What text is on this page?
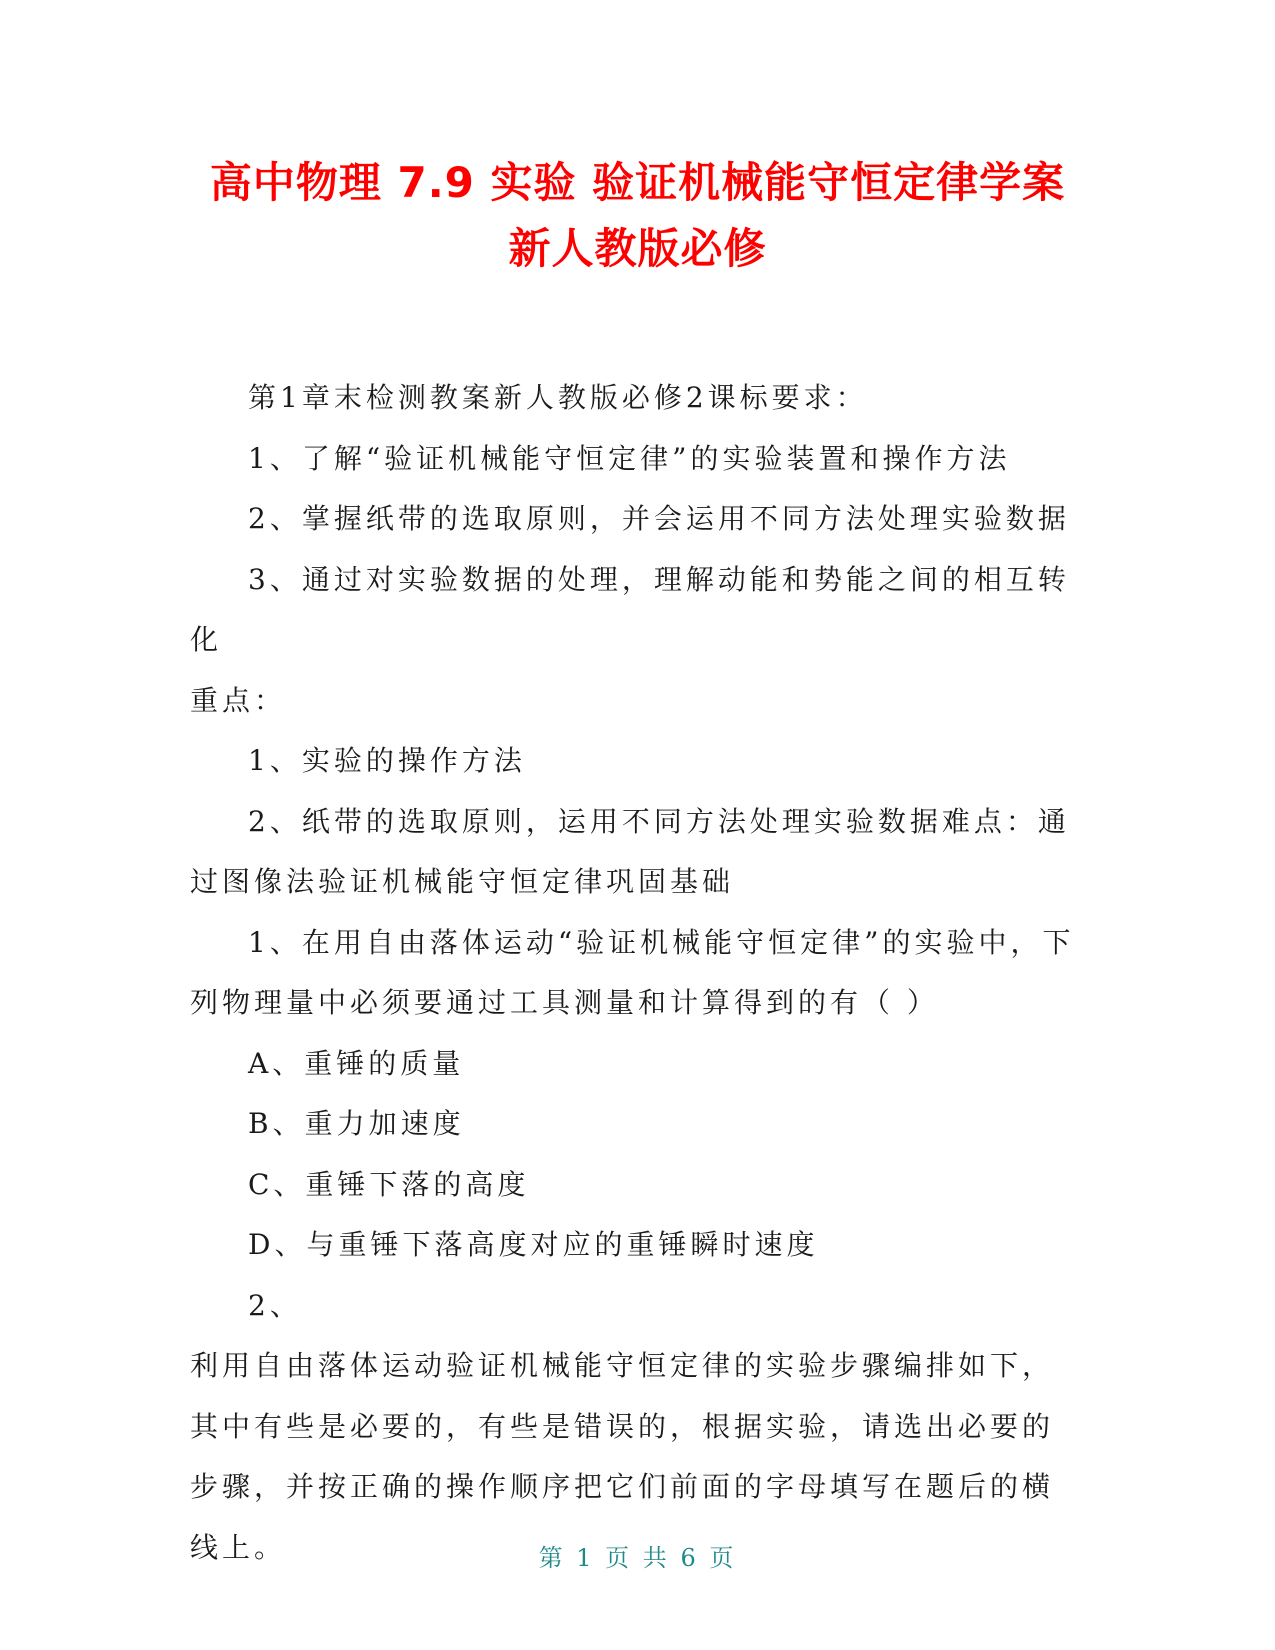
高中物理 7.9 实验 验证机械能守恒定律学案
新人教版必修

第1章末检测教案新人教版必修2课标要求：

1、了解“验证机械能守恒定律”的实验装置和操作方法

2、掌握纸带的选取原则，并会运用不同方法处理实验数据

3、通过对实验数据的处理，理解动能和势能之间的相互转化

重点：

1、实验的操作方法

2、纸带的选取原则，运用不同方法处理实验数据难点：通过图像法验证机械能守恒定律巩固基础

1、在用自由落体运动“验证机械能守恒定律”的实验中，下列物理量中必须要通过工具测量和计算得到的有（ ）

A、重锤的质量

B、重力加速度

C、重锤下落的高度

D、与重锤下落高度对应的重锤瞬时速度

2、

利用自由落体运动验证机械能守恒定律的实验步骤编排如下，其中有些是必要的，有些是错误的，根据实验，请选出必要的步骤，并按正确的操作顺序把它们前面的字母填写在题后的横线上。	第 1 页 共 6 页
